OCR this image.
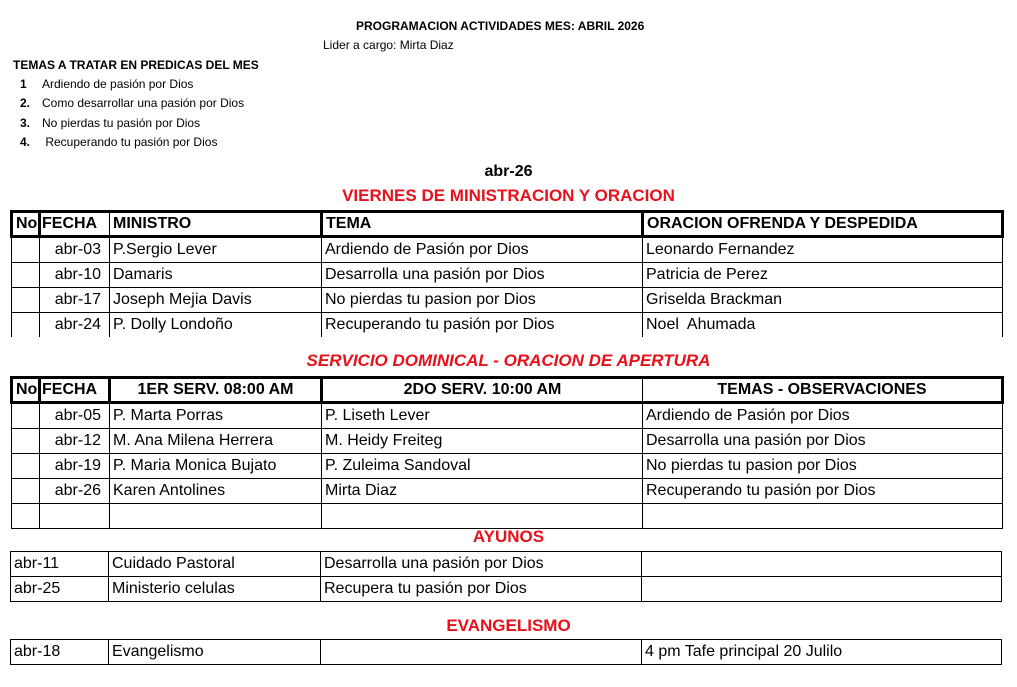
PROGRAMACION ACTIVIDADES MES: ABRIL 2026
Lider a cargo: Mirta Diaz
TEMAS A TRATAR EN PREDICAS DEL MES
1 Ardiendo de pasión por Dios
2. Como desarrollar una pasión por Dios
3. No pierdas tu pasión por Dios
4. Recuperando tu pasión por Dios
abr-26
VIERNES DE MINISTRACION Y ORACION
No	FECHA	MINISTRO	TEMA	ORACION OFRENDA Y DESPEDIDA
	abr-03	P.Sergio Lever	Ardiendo de Pasión por Dios	Leonardo Fernandez
	abr-10	Damaris	Desarrolla una pasión por Dios	Patricia de Perez
	abr-17	Joseph Mejia Davis	No pierdas tu pasion por Dios	Griselda Brackman
	abr-24	P. Dolly Londoño	Recuperando tu pasión por Dios	Noel  Ahumada
SERVICIO DOMINICAL - ORACION DE APERTURA
No	FECHA	1ER SERV. 08:00 AM	2DO SERV. 10:00 AM	TEMAS - OBSERVACIONES
	abr-05	P. Marta Porras	P. Liseth Lever	Ardiendo de Pasión por Dios
	abr-12	M. Ana Milena Herrera	M. Heidy Freiteg	Desarrolla una pasión por Dios
	abr-19	P. Maria Monica Bujato	P. Zuleima Sandoval	No pierdas tu pasion por Dios
	abr-26	Karen Antolines	Mirta Diaz	Recuperando tu pasión por Dios

AYUNOS
abr-11	Cuidado Pastoral	Desarrolla una pasión por Dios	
abr-25	Ministerio celulas	Recupera tu pasión por Dios	
EVANGELISMO
abr-18	Evangelismo		4 pm Tafe principal 20 Julilo
